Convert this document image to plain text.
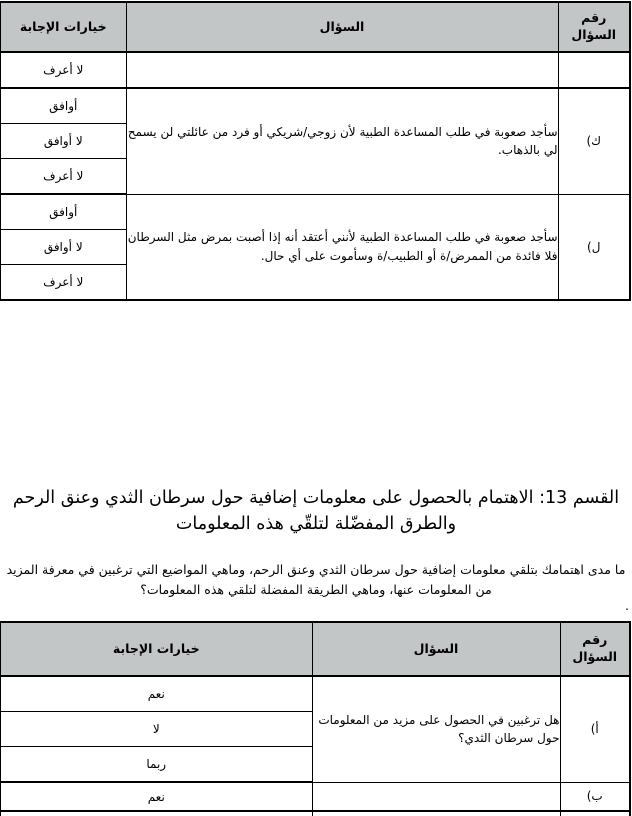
رقم السؤال	السؤال	خيارات الإجابة
		لا أعرف
ك)	سأجد صعوبة في طلب المساعدة الطبية لأن زوجي/شريكي أو فرد من عائلتي لن يسمح لي بالذهاب.	أوافق
		لا أوافق
		لا أعرف
ل)	سأجد صعوبة في طلب المساعدة الطبية لأنني أعتقد أنه إذا أصبت بمرض مثل السرطان فلا فائدة من الممرض/ة أو الطبيب/ة وسأموت على أي حال.	أوافق
		لا أوافق
		لا أعرف
القسم 13: الاهتمام بالحصول على معلومات إضافية حول سرطان الثدي وعنق الرحم والطرق المفضّلة لتلقّي هذه المعلومات
ما مدى اهتمامك بتلقي معلومات إضافية حول سرطان الثدي وعنق الرحم، وماهي المواضيع التي ترغبين في معرفة المزيد من المعلومات عنها، وماهي الطريقة المفضلة لتلقي هذه المعلومات؟
.
رقم السؤال	السؤال	خيارات الإجابة
أ)	هل ترغبين في الحصول على مزيد من المعلومات حول سرطان الثدي؟	نعم
		لا
		ربما
ب)		نعم
